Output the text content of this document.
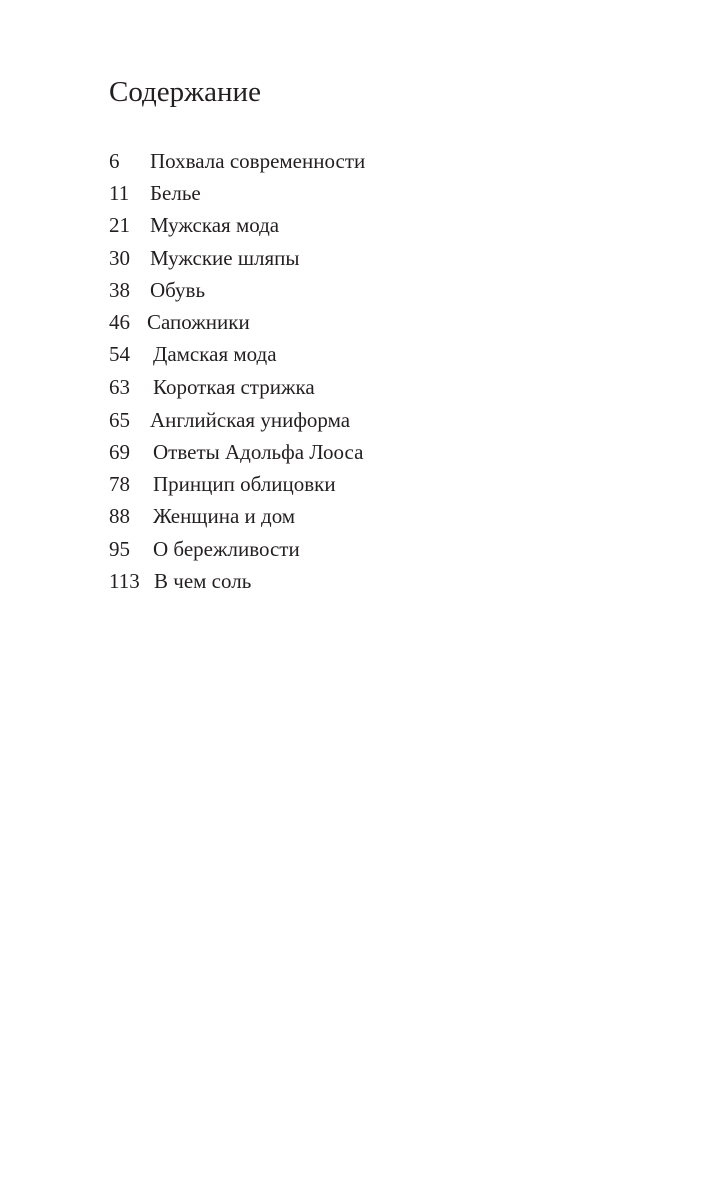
Содержание
6 Похвала современности
11 Белье
21 Мужская мода
30 Мужские шляпы
38 Обувь
46 Сапожники
54 Дамская мода
63 Короткая стрижка
65 Английская униформа
69 Ответы Адольфа Лооса
78 Принцип облицовки
88 Женщина и дом
95 О бережливости
113 В чем соль
